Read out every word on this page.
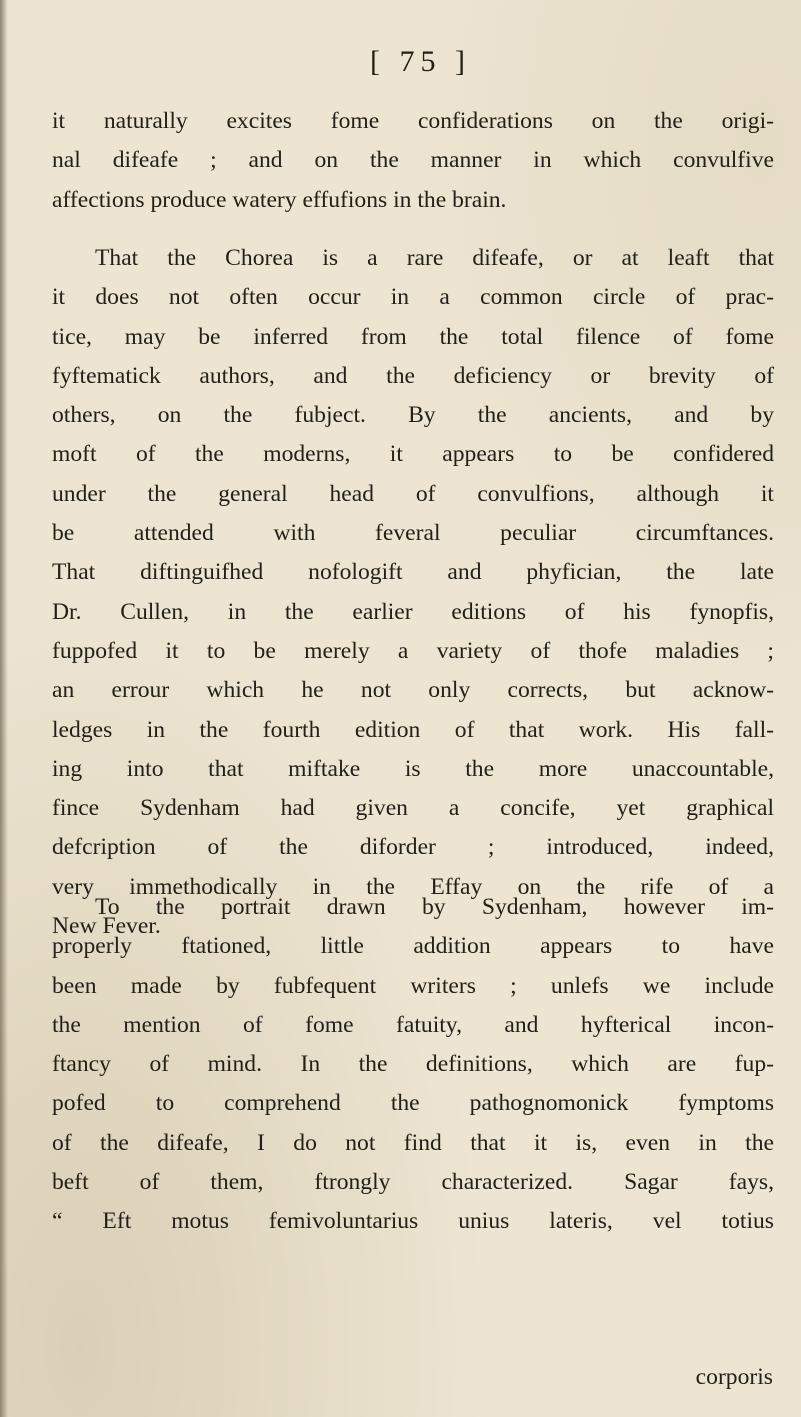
[ 75 ]
it naturally excites fome confiderations on the origi-
nal difeafe ; and on the manner in which convulfive
affections produce watery effufions in the brain.
That the Chorea is a rare difeafe, or at leaft that
it does not often occur in a common circle of prac-
tice, may be inferred from the total filence of fome
fyftematick authors, and the deficiency or brevity of
others, on the fubject. By the ancients, and by
moft of the moderns, it appears to be confidered
under the general head of convulfions, although it
be attended with feveral peculiar circumftances.
That diftinguifhed nofologift and phyfician, the late
Dr. Cullen, in the earlier editions of his fynopfis,
fuppofed it to be merely a variety of thofe maladies ;
an errour which he not only corrects, but acknow-
ledges in the fourth edition of that work. His fall-
ing into that miftake is the more unaccountable,
fince Sydenham had given a concife, yet graphical
defcription of the diforder ; introduced, indeed,
very immethodically in the Effay on the rife of a
New Fever.
To the portrait drawn by Sydenham, however im-
properly ftationed, little addition appears to have
been made by fubfequent writers ; unlefs we include
the mention of fome fatuity, and hyfterical incon-
ftancy of mind. In the definitions, which are fup-
pofed to comprehend the pathognomonick fymptoms
of the difeafe, I do not find that it is, even in the
beft of them, ftrongly characterized. Sagar fays,
“ Eft motus femivoluntarius unius lateris, vel totius
corporis
